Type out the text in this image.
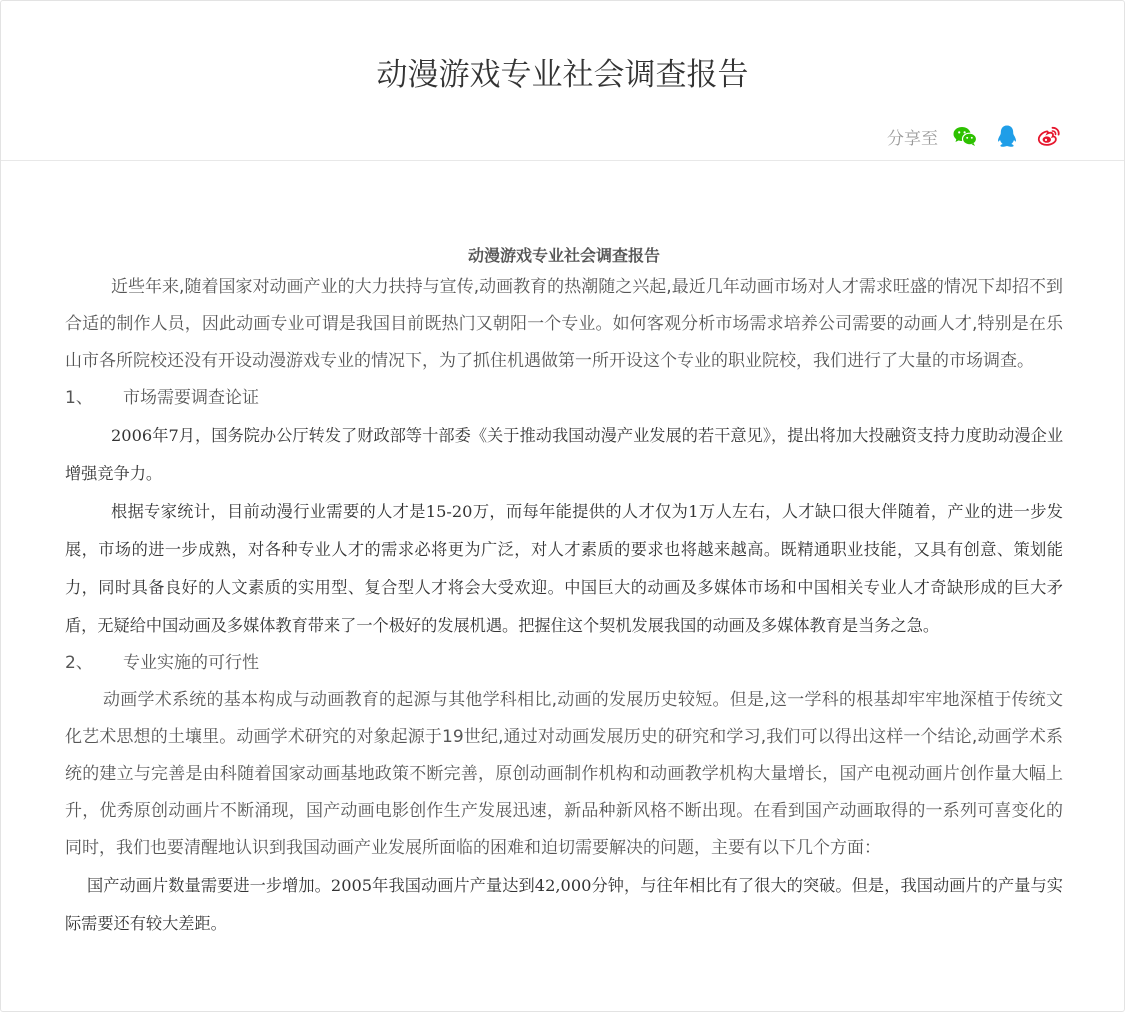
动漫游戏专业社会调查报告
分享至

动漫游戏专业社会调查报告

近些年来,随着国家对动画产业的大力扶持与宣传,动画教育的热潮随之兴起,最近几年动画市场对人才需求旺盛的情况下却招不到合适的制作人员，因此动画专业可谓是我国目前既热门又朝阳一个专业。如何客观分析市场需求培养公司需要的动画人才,特别是在乐山市各所院校还没有开设动漫游戏专业的情况下，为了抓住机遇做第一所开设这个专业的职业院校，我们进行了大量的市场调查。

1、	市场需要调查论证

2006年7月，国务院办公厅转发了财政部等十部委《关于推动我国动漫产业发展的若干意见》，提出将加大投融资支持力度助动漫企业增强竞争力。

根据专家统计，目前动漫行业需要的人才是15-20万，而每年能提供的人才仅为1万人左右，人才缺口很大伴随着，产业的进一步发展，市场的进一步成熟，对各种专业人才的需求必将更为广泛，对人才素质的要求也将越来越高。既精通职业技能，又具有创意、策划能力，同时具备良好的人文素质的实用型、复合型人才将会大受欢迎。中国巨大的动画及多媒体市场和中国相关专业人才奇缺形成的巨大矛盾，无疑给中国动画及多媒体教育带来了一个极好的发展机遇。把握住这个契机发展我国的动画及多媒体教育是当务之急。

2、	专业实施的可行性

动画学术系统的基本构成与动画教育的起源与其他学科相比,动画的发展历史较短。但是,这一学科的根基却牢牢地深植于传统文化艺术思想的土壤里。动画学术研究的对象起源于19世纪,通过对动画发展历史的研究和学习,我们可以得出这样一个结论,动画学术系统的建立与完善是由科随着国家动画基地政策不断完善，原创动画制作机构和动画教学机构大量增长，国产电视动画片创作量大幅上升，优秀原创动画片不断涌现，国产动画电影创作生产发展迅速，新品种新风格不断出现。在看到国产动画取得的一系列可喜变化的同时，我们也要清醒地认识到我国动画产业发展所面临的困难和迫切需要解决的问题，主要有以下几个方面：

国产动画片数量需要进一步增加。2005年我国动画片产量达到42,000分钟，与往年相比有了很大的突破。但是，我国动画片的产量与实际需要还有较大差距。
